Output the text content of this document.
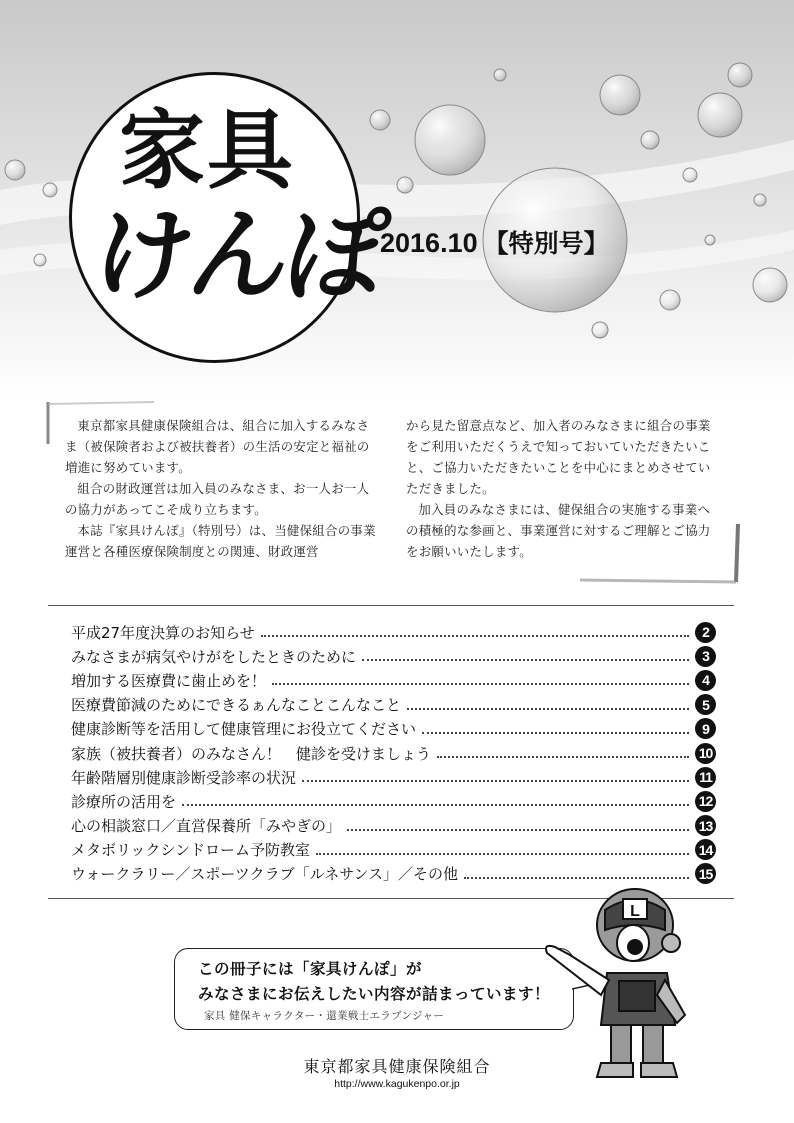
家具
けんぽ
2016.10 【特別号】

東京都家具健康保険組合は、組合に加入するみなさま（被保険者および被扶養者）の生活の安定と福祉の増進に努めています。

組合の財政運営は加入員のみなさま、お一人お一人の協力があってこそ成り立ちます。

本誌『家具けんぽ』（特別号）は、当健保組合の事業運営と各種医療保険制度との関連、財政運営

から見た留意点など、加入者のみなさまに組合の事業をご利用いただくうえで知っておいていただきたいこと、ご協力いただきたいことを中心にまとめさせていただきました。

加入員のみなさまには、健保組合の実施する事業への積極的な参画と、事業運営に対するご理解とご協力をお願いいたします。

平成27年度決算のお知らせ	2
みなさまが病気やけがをしたときのために	3
増加する医療費に歯止めを！	4
医療費節減のためにできるぁんなことこんなこと	5
健康診断等を活用して健康管理にお役立てください	9
家族（被扶養者）のみなさん！　健診を受けましょう	10
年齢階層別健康診断受診率の状況	11
診療所の活用を	12
心の相談窓口／直営保養所「みやぎの」	13
メタボリックシンドローム予防教室	14
ウォークラリー／スポーツクラブ「ルネサンス」／その他	15
この冊子には「家具けんぽ」が
みなさまにお伝えしたい内容が詰まっています！
家具 健保キャラクター・還業戦士エラブンジャー
L
東京都家具健康保険組合
http://www.kagukenpo.or.jp
